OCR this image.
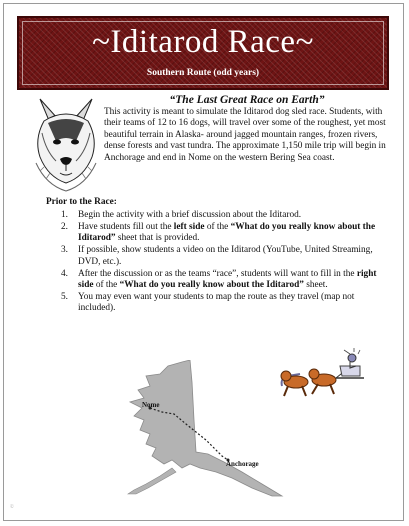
~Iditarod Race~
Southern Route (odd years)
“The Last Great Race on Earth”

This activity is meant to simulate the Iditarod dog sled race. Students, with their teams of 12 to 16 dogs, will travel over some of the roughest, yet most beautiful terrain in Alaska- around jagged mountain ranges, frozen rivers, dense forests and vast tundra. The approximate 1,150 mile trip will begin in Anchorage and end in Nome on the western Bering Sea coast.

Prior to the Race:

1. Begin the activity with a brief discussion about the Iditarod.
2. Have students fill out the left side of the “What do you really know about the Iditarod” sheet that is provided.
3. If possible, show students a video on the Iditarod (YouTube, United Streaming, DVD, etc.).
4. After the discussion or as the teams “race”, students will want to fill in the right side of the “What do you really know about the Iditarod” sheet.
5. You may even want your students to map the route as they travel (map not included).
Nome
Anchorage
©
